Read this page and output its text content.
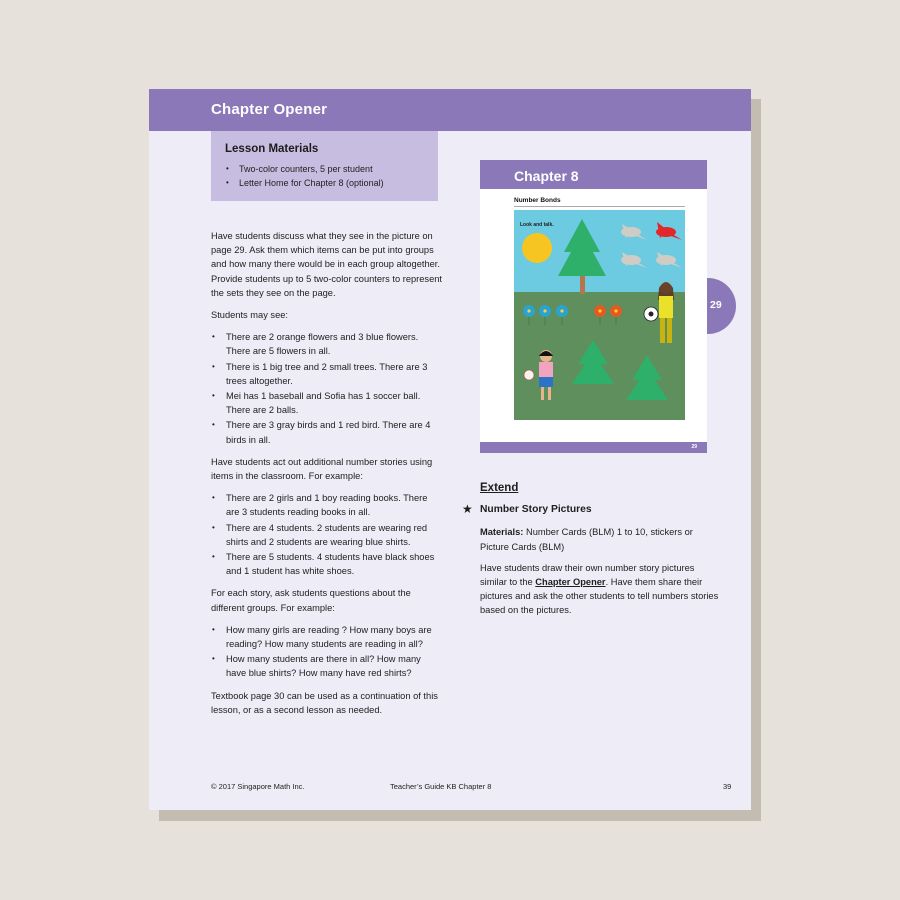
Chapter Opener
Lesson Materials
• Two-color counters, 5 per student
• Letter Home for Chapter 8 (optional)

Have students discuss what they see in the picture on page 29. Ask them which items can be put into groups and how many there would be in each group altogether. Provide students up to 5 two-color counters to represent the sets they see on the page.

Students may see:

• There are 2 orange flowers and 3 blue flowers. There are 5 flowers in all.
• There is 1 big tree and 2 small trees. There are 3 trees altogether.
• Mei has 1 baseball and Sofia has 1 soccer ball. There are 2 balls.
• There are 3 gray birds and 1 red bird. There are 4 birds in all.

Have students act out additional number stories using items in the classroom. For example:

• There are 2 girls and 1 boy reading books. There are 3 students reading books in all.
• There are 4 students. 2 students are wearing red shirts and 2 students are wearing blue shirts.
• There are 5 students. 4 students have black shoes and 1 student has white shoes.

For each story, ask students questions about the different groups. For example:

• How many girls are reading ? How many boys are reading? How many students are reading in all?
• How many students are there in all? How many have blue shirts? How many have red shirts?

Textbook page 30 can be used as a continuation of this lesson, or as a second lesson as needed.

Chapter 8
Number Bonds
Look and talk.
29
29
Extend
★ Number Story Pictures

Materials: Number Cards (BLM) 1 to 10, stickers or Picture Cards (BLM)

Have students draw their own number story pictures similar to the Chapter Opener. Have them share their pictures and ask the other students to tell numbers stories based on the pictures.

© 2017 Singapore Math Inc.	Teacher’s Guide KB Chapter 8	39
